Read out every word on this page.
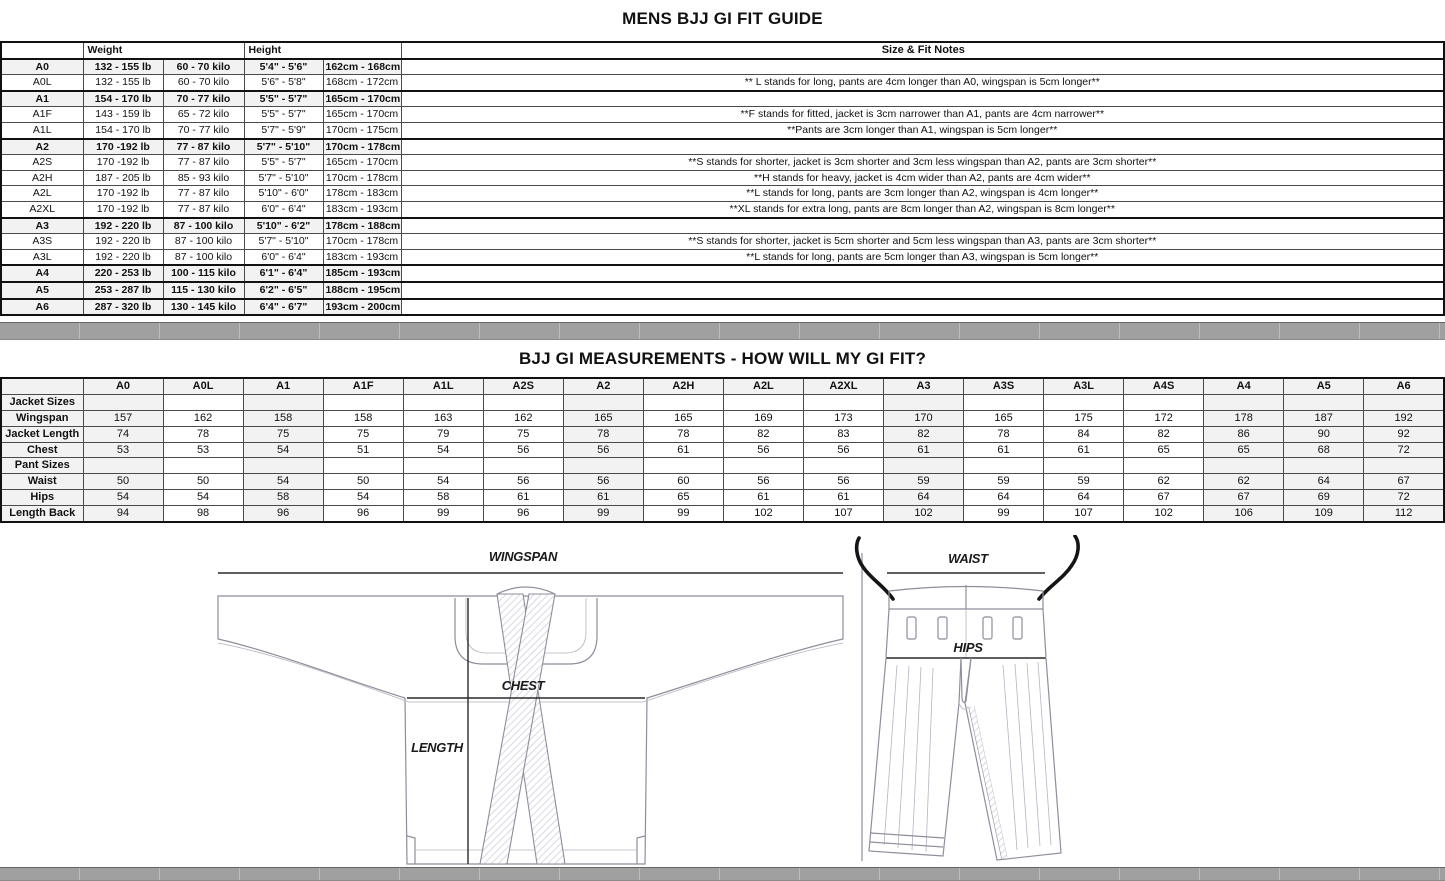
MENS BJJ GI FIT GUIDE
	Weight		Height		Size & Fit Notes
A0	132 - 155 lb	60 - 70 kilo	5'4" - 5'6"	162cm - 168cm	
A0L	132 - 155 lb	60 - 70 kilo	5'6" - 5'8"	168cm - 172cm	** L stands for long, pants are 4cm longer than A0, wingspan is 5cm longer**
A1	154 - 170 lb	70 - 77 kilo	5'5" - 5'7"	165cm - 170cm	
A1F	143 - 159 lb	65 - 72 kilo	5'5" - 5'7"	165cm - 170cm	**F stands for fitted, jacket is 3cm narrower than A1, pants are 4cm narrower**
A1L	154 - 170 lb	70 - 77 kilo	5'7" - 5'9"	170cm - 175cm	**Pants are 3cm longer than A1, wingspan is 5cm longer**
A2	170 -192 lb	77 - 87 kilo	5'7" - 5'10"	170cm - 178cm	
A2S	170 -192 lb	77 - 87 kilo	5'5" - 5'7"	165cm - 170cm	**S stands for shorter, jacket is 3cm shorter and 3cm less wingspan than A2, pants are 3cm shorter**
A2H	187 - 205 lb	85 - 93 kilo	5'7" - 5'10"	170cm - 178cm	**H stands for heavy, jacket is 4cm wider than A2, pants are 4cm wider**
A2L	170 -192 lb	77 - 87 kilo	5'10" - 6'0"	178cm - 183cm	**L stands for long, pants are 3cm longer than A2, wingspan is 4cm longer**
A2XL	170 -192 lb	77 - 87 kilo	6'0" - 6'4"	183cm - 193cm	**XL stands for extra long, pants are 8cm longer than A2, wingspan is 8cm longer**
A3	192 - 220 lb	87 - 100 kilo	5'10" - 6'2"	178cm - 188cm	
A3S	192 - 220 lb	87 - 100 kilo	5'7" - 5'10"	170cm - 178cm	**S stands for shorter, jacket is 5cm shorter and 5cm less wingspan than A3, pants are 3cm shorter**
A3L	192 - 220 lb	87 - 100 kilo	6'0" - 6'4"	183cm - 193cm	**L stands for long, pants are 5cm longer than A3, wingspan is 5cm longer**
A4	220 - 253 lb	100 - 115 kilo	6'1" - 6'4"	185cm - 193cm	
A5	253 - 287 lb	115 - 130 kilo	6'2" - 6'5"	188cm - 195cm	
A6	287 - 320 lb	130 - 145 kilo	6'4" - 6'7"	193cm - 200cm	
BJJ GI MEASUREMENTS - HOW WILL MY GI FIT?
	A0	A0L	A1	A1F	A1L	A2S	A2	A2H	A2L	A2XL	A3	A3S	A3L	A4S	A4	A5	A6
Jacket Sizes																	
Wingspan	157	162	158	158	163	162	165	165	169	173	170	165	175	172	178	187	192
Jacket Length	74	78	75	75	79	75	78	78	82	83	82	78	84	82	86	90	92
Chest	53	53	54	51	54	56	56	61	56	56	61	61	61	65	65	68	72
Pant Sizes																	
Waist	50	50	54	50	54	56	56	60	56	56	59	59	59	62	62	64	67
Hips	54	54	58	54	58	61	61	65	61	61	64	64	64	67	67	69	72
Length Back	94	98	96	96	99	96	99	99	102	107	102	99	107	102	106	109	112
WINGSPAN
CHEST
LENGTH
WAIST
HIPS
